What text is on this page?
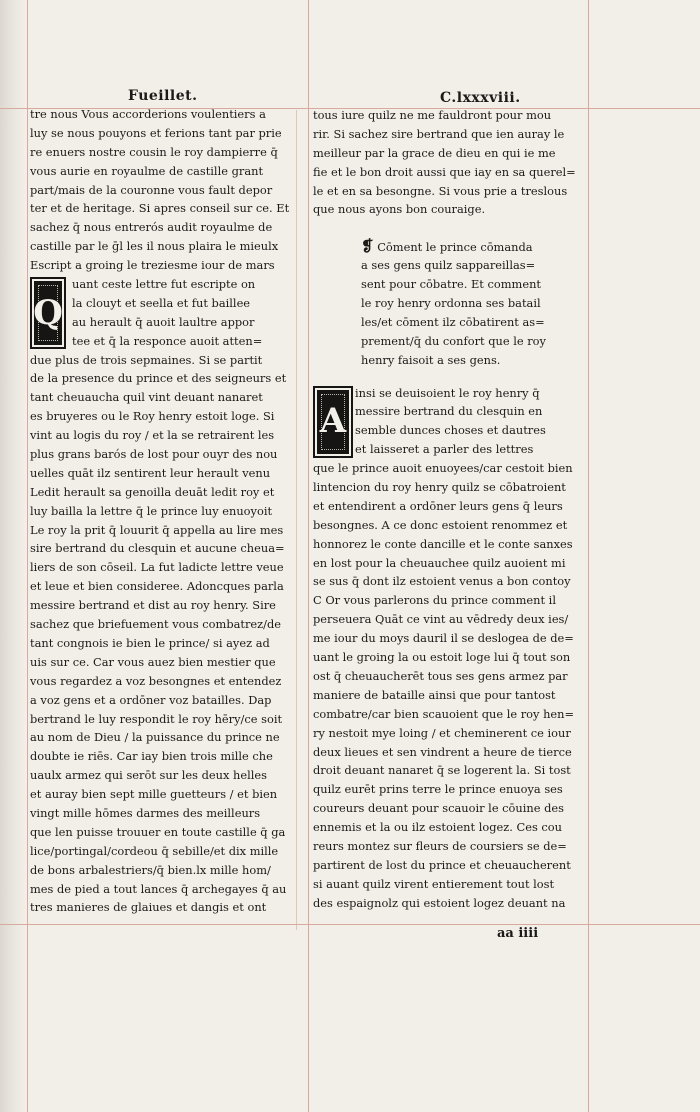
Fueillet.	C.lxxxviii.
tre nous Vous accorderions voulentiers a
luy se nous pouyons et ferions tant par prie
re enuers nostre cousin le roy dampierre q̄
vous aurie en royaulme de castille grant
part/mais de la couronne vous fault depor
ter et de heritage. Si apres conseil sur ce. Et
sachez q̄ nous entrerós audit royaulme de
castille par le ḡl les il nous plaira le mieulx
Escript a groing le treziesme iour de mars
Q
uant ceste lettre fut escripte on
la clouyt et seella et fut baillee
au herault q̄ auoit laultre appor
tee et q̄ la responce auoit atten=
due plus de trois sepmaines. Si se partit
de la presence du prince et des seigneurs et
tant cheuaucha quil vint deuant nanaret
es bruyeres ou le Roy henry estoit loge. Si
vint au logis du roy / et la se retrairent les
plus grans barós de lost pour ouyr des nou
uelles quāt ilz sentirent leur herault venu
Ledit herault sa genoilla deuāt ledit roy et
luy bailla la lettre q̄ le prince luy enuoyoit
Le roy la prit q̄ louurit q̄ appella au lire mes
sire bertrand du clesquin et aucune cheua=
liers de son cōseil. La fut ladicte lettre veue
et leue et bien consideree. Adoncques parla
messire bertrand et dist au roy henry. Sire
sachez que briefuement vous combatrez/de
tant congnois ie bien le prince/ si ayez ad
uis sur ce. Car vous auez bien mestier que
vous regardez a voz besongnes et entendez
a voz gens et a ordōner voz batailles. Dap
bertrand le luy respondit le roy hēry/ce soit
au nom de Dieu / la puissance du prince ne
doubte ie riēs. Car iay bien trois mille che
uaulx armez qui serōt sur les deux helles
et auray bien sept mille guetteurs / et bien
vingt mille hōmes darmes des meilleurs
que len puisse trouuer en toute castille q̄ ga
lice/portingal/cordeou q̄ sebille/et dix mille
de bons arbalestriers/q̄ bien.lx mille hom/
mes de pied a tout lances q̄ archegayes q̄ au
tres manieres de glaiues et dangis et ont
tous iure quilz ne me fauldront pour mou
rir. Si sachez sire bertrand que ien auray le
meilleur par la grace de dieu en qui ie me
fie et le bon droit aussi que iay en sa querel=
le et en sa besongne. Si vous prie a treslous
que nous ayons bon couraige.
❡ Cōment le prince cōmanda
a ses gens quilz sappareillas=
sent pour cōbatre. Et comment
le roy henry ordonna ses batail
les/et cōment ilz cōbatirent as=
prement/q̄ du confort que le roy
henry faisoit a ses gens.
A
insi se deuisoient le roy henry q̄
messire bertrand du clesquin en
semble dunces choses et dautres
et laisseret a parler des lettres
que le prince auoit enuoyees/car cestoit bien
lintencion du roy henry quilz se cōbatroient
et entendirent a ordōner leurs gens q̄ leurs
besongnes. A ce donc estoient renommez et
honnorez le conte dancille et le conte sanxes
en lost pour la cheuauchee quilz auoient mi
se sus q̄ dont ilz estoient venus a bon contoy
C Or vous parlerons du prince comment il
perseuera Quāt ce vint au vēdredy deux ies/
me iour du moys dauril il se deslogea de de=
uant le groing la ou estoit loge lui q̄ tout son
ost q̄ cheuaucherēt tous ses gens armez par
maniere de bataille ainsi que pour tantost
combatre/car bien scauoient que le roy hen=
ry nestoit mye loing / et cheminerent ce iour
deux lieues et sen vindrent a heure de tierce
droit deuant nanaret q̄ se logerent la. Si tost
quilz eurēt prins terre le prince enuoya ses
coureurs deuant pour scauoir le cōuine des
ennemis et la ou ilz estoient logez. Ces cou
reurs montez sur fleurs de coursiers se de=
partirent de lost du prince et cheuaucherent
si auant quilz virent entierement tout lost
des espaignolz qui estoient logez deuant na
aa iiii
